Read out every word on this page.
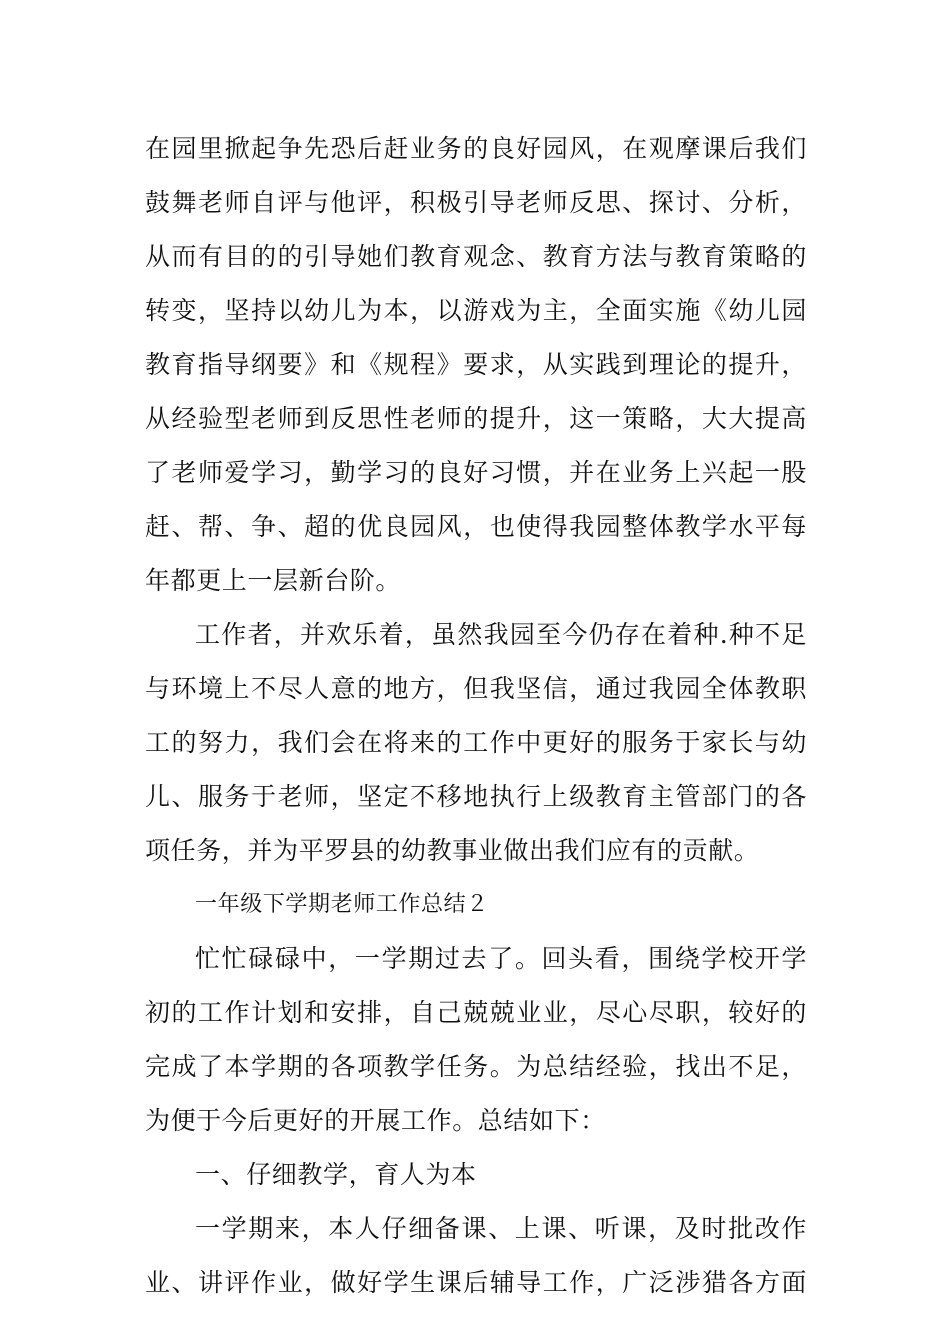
在园里掀起争先恐后赶业务的良好园风，在观摩课后我们
鼓舞老师自评与他评，积极引导老师反思、探讨、分析，
从而有目的的引导她们教育观念、教育方法与教育策略的
转变，坚持以幼儿为本，以游戏为主，全面实施《幼儿园
教育指导纲要》和《规程》要求，从实践到理论的提升，
从经验型老师到反思性老师的提升，这一策略，大大提高
了老师爱学习，勤学习的良好习惯，并在业务上兴起一股
赶、帮、争、超的优良园风，也使得我园整体教学水平每
年都更上一层新台阶。
工作者，并欢乐着，虽然我园至今仍存在着种.种不足
与环境上不尽人意的地方，但我坚信，通过我园全体教职
工的努力，我们会在将来的工作中更好的服务于家长与幼
儿、服务于老师，坚定不移地执行上级教育主管部门的各
项任务，并为平罗县的幼教事业做出我们应有的贡献。
一年级下学期老师工作总结２
忙忙碌碌中，一学期过去了。回头看，围绕学校开学
初的工作计划和安排，自己兢兢业业，尽心尽职，较好的
完成了本学期的各项教学任务。为总结经验，找出不足，
为便于今后更好的开展工作。总结如下：
一、仔细教学，育人为本
一学期来，本人仔细备课、上课、听课，及时批改作
业、讲评作业，做好学生课后辅导工作，广泛涉猎各方面
